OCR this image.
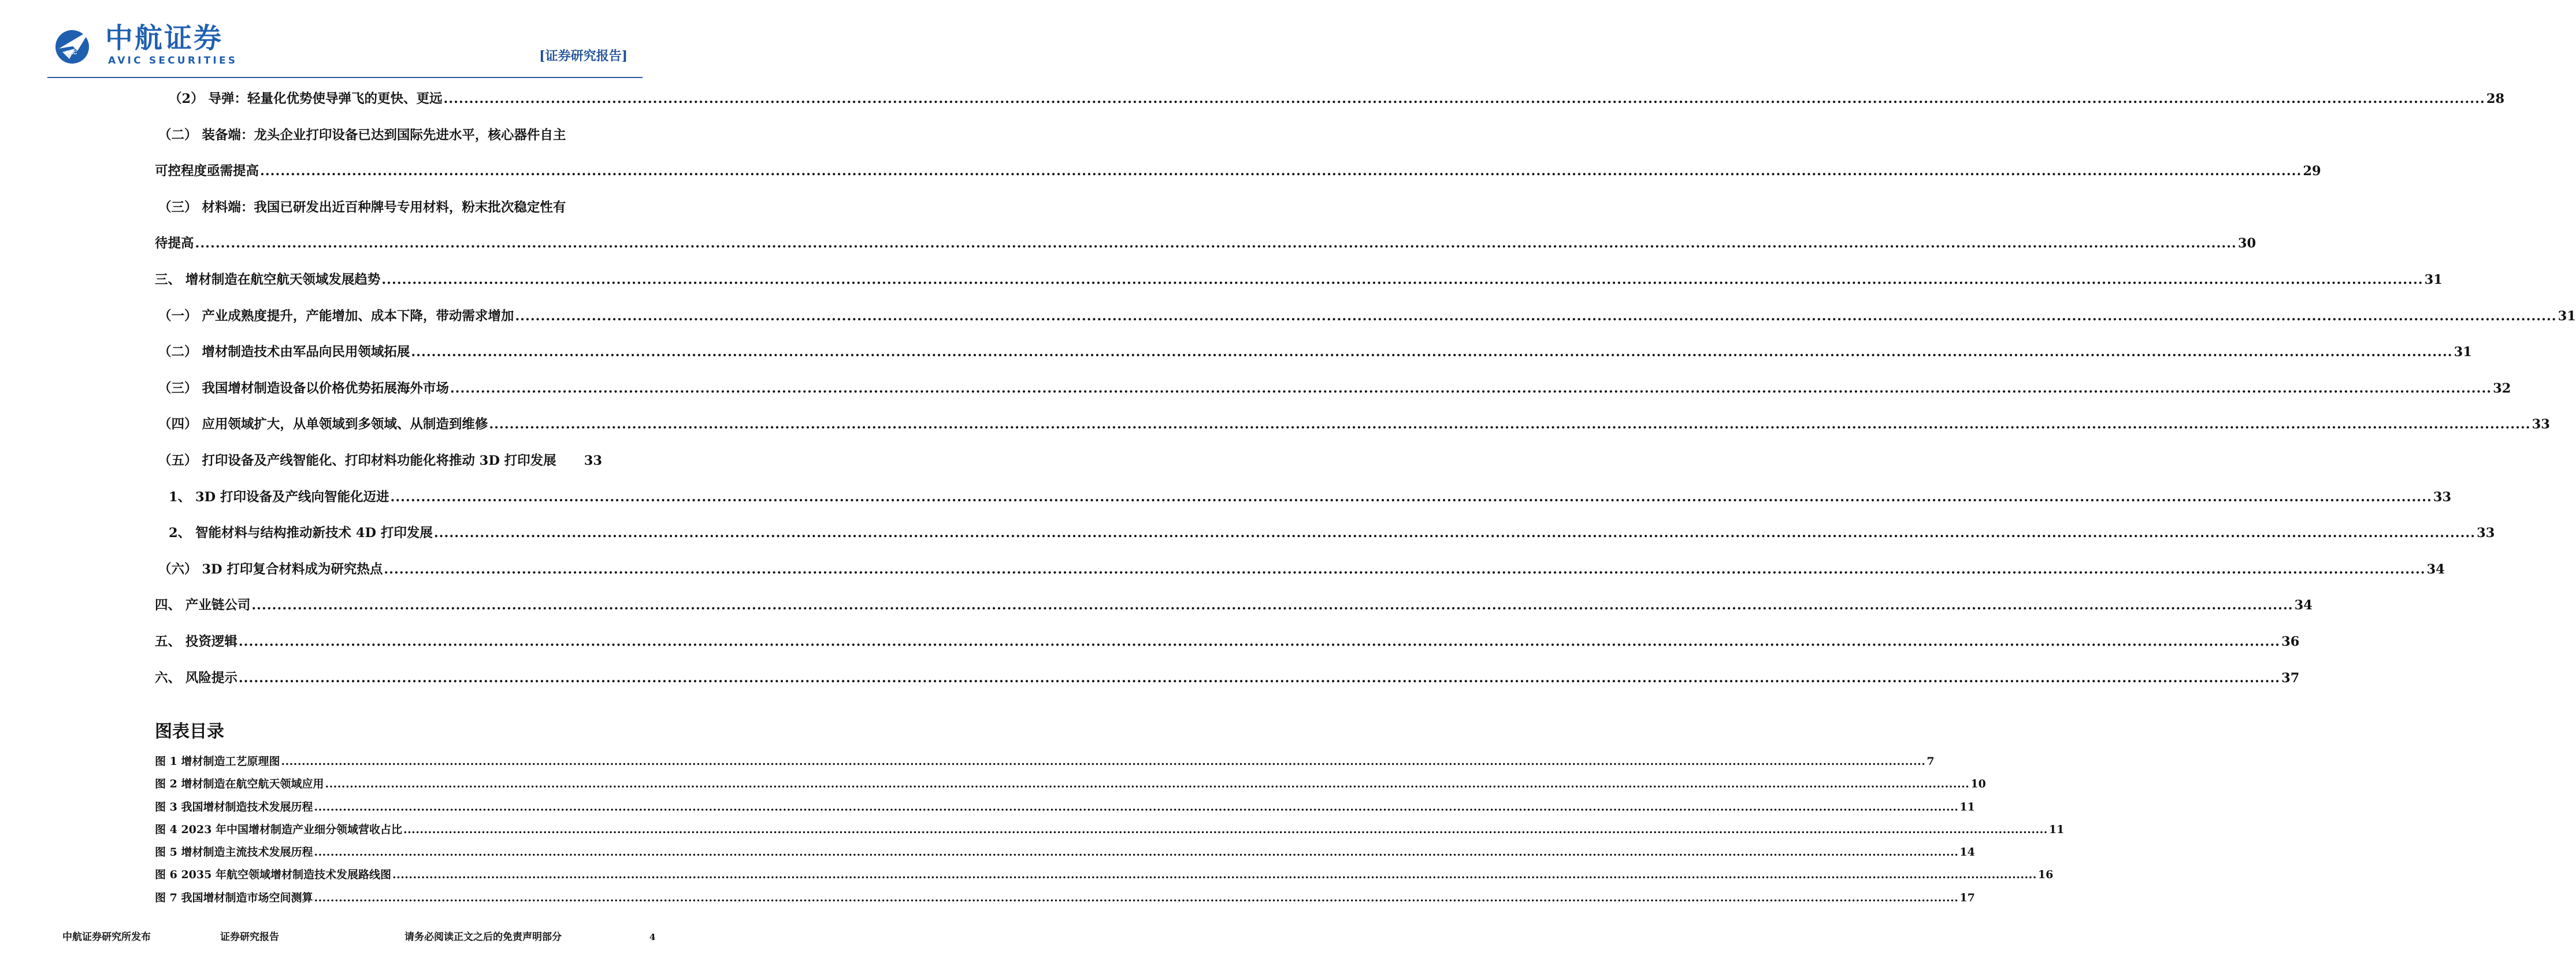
AVIC 中航证券
AVIC SECURITIES	[证券研究报告]
（2） 导弹：轻量化优势使导弹飞的更快、更远 ................................................................................................................................................................................................................................................................................................................................................................................................................ 28
（二） 装备端：龙头企业打印设备已达到国际先进水平，核心器件自主
可控程度亟需提高 ................................................................................................................................................................................................................................................................................................................................................................................................................ 29
（三） 材料端：我国已研发出近百种牌号专用材料，粉末批次稳定性有
待提高 ................................................................................................................................................................................................................................................................................................................................................................................................................ 30
三、 增材制造在航空航天领域发展趋势 ................................................................................................................................................................................................................................................................................................................................................................................................................ 31
（一） 产业成熟度提升，产能增加、成本下降，带动需求增加 ................................................................................................................................................................................................................................................................................................................................................................................................................ 31
（二） 增材制造技术由军品向民用领域拓展 ................................................................................................................................................................................................................................................................................................................................................................................................................ 31
（三） 我国增材制造设备以价格优势拓展海外市场 ................................................................................................................................................................................................................................................................................................................................................................................................................ 32
（四） 应用领域扩大，从单领域到多领域、从制造到维修 ................................................................................................................................................................................................................................................................................................................................................................................................................ 33
（五） 打印设备及产线智能化、打印材料功能化将推动 3D 打印发展 33
1、 3D 打印设备及产线向智能化迈进 ................................................................................................................................................................................................................................................................................................................................................................................................................ 33
2、 智能材料与结构推动新技术 4D 打印发展 ................................................................................................................................................................................................................................................................................................................................................................................................................ 33
（六） 3D 打印复合材料成为研究热点 ................................................................................................................................................................................................................................................................................................................................................................................................................ 34
四、 产业链公司 ................................................................................................................................................................................................................................................................................................................................................................................................................ 34
五、 投资逻辑 ................................................................................................................................................................................................................................................................................................................................................................................................................ 36
六、 风险提示 ................................................................................................................................................................................................................................................................................................................................................................................................................ 37
图表目录
图 1 增材制造工艺原理图 ................................................................................................................................................................................................................................................................................................................................................................................................................ 7
图 2 增材制造在航空航天领域应用 ................................................................................................................................................................................................................................................................................................................................................................................................................ 10
图 3 我国增材制造技术发展历程 ................................................................................................................................................................................................................................................................................................................................................................................................................ 11
图 4 2023 年中国增材制造产业细分领域营收占比 ................................................................................................................................................................................................................................................................................................................................................................................................................ 11
图 5 增材制造主流技术发展历程 ................................................................................................................................................................................................................................................................................................................................................................................................................ 14
图 6 2035 年航空领域增材制造技术发展路线图 ................................................................................................................................................................................................................................................................................................................................................................................................................ 16
图 7 我国增材制造市场空间测算 ................................................................................................................................................................................................................................................................................................................................................................................................................ 17
中航证券研究所发布	证券研究报告	请务必阅读正文之后的免责声明部分	4
